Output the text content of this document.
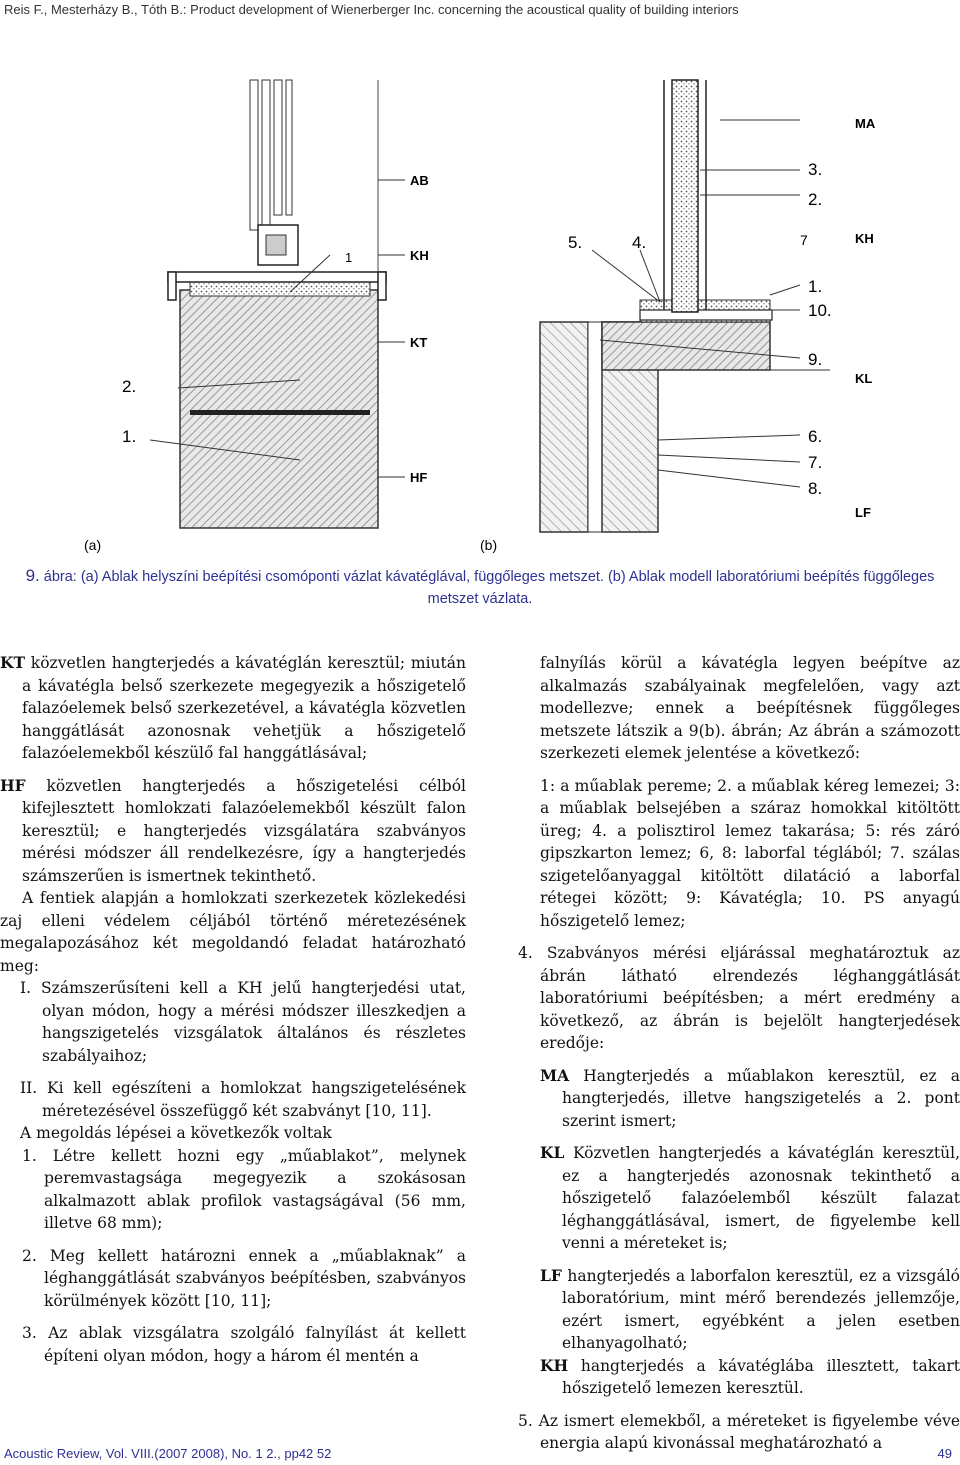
Reis F., Mesterházy B., Tóth B.: Product development of Wienerberger Inc. concerning the acoustical quality of building interiors
AB
KH
KT
HF
2.
1.
1
MA
3.
2.
5.	4.	7	KH
1.
10.
9.
KL
6.
7.
8.
LF
(a)	(b)
9. ábra: (a) Ablak helyszíni beépítési csomóponti vázlat kávatéglával, függőleges metszet. (b) Ablak modell laboratóriumi beépítés függőleges
metszet vázlata.

KT közvetlen hangterjedés a kávatéglán keresztül; miután a kávatégla belső szerkezete megegyezik a hőszigetelő falazóelemek belső szerkezetével, a kávatégla közvetlen hanggátlását azonosnak vehetjük a hőszigetelő falazóelemekből készülő fal hanggátlásával;

HF közvetlen hangterjedés a hőszigetelési célból kifejlesztett homlokzati falazóelemekből készült falon keresztül; e hangterjedés vizsgálatára szabványos mérési módszer áll rendelkezésre, így a hangterjedés számszerűen is ismertnek tekinthető.

A fentiek alapján a homlokzati szerkezetek közlekedési zaj elleni védelem céljából történő méretezésének megalapozásához két megoldandó feladat határozható meg:

I. Számszerűsíteni kell a KH jelű hangterjedési utat, olyan módon, hogy a mérési módszer illeszkedjen a hangszigetelés vizsgálatok általános és részletes szabályaihoz;

II. Ki kell egészíteni a homlokzat hangszigetelésének méretezésével összefüggő két szabványt [10, 11].

A megoldás lépései a következők voltak

1. Létre kellett hozni egy „műablakot”, melynek peremvastagsága megegyezik a szokásosan alkalmazott ablak profilok vastagságával (56 mm, illetve 68 mm);

2. Meg kellett határozni ennek a „műablaknak” a léghanggátlását szabványos beépítésben, szabványos körülmények között [10, 11];

3. Az ablak vizsgálatra szolgáló falnyílást át kellett építeni olyan módon, hogy a három él mentén a

falnyílás körül a kávatégla legyen beépítve az alkalmazás szabályainak megfelelően, vagy azt modellezve; ennek a beépítésnek függőleges metszete látszik a 9(b). ábrán; Az ábrán a számozott szerkezeti elemek jelentése a következő:

1: a műablak pereme; 2. a műablak kéreg lemezei; 3: a műablak belsejében a száraz homokkal kitöltött üreg; 4. a polisztirol lemez takarása; 5: rés záró gipszkarton lemez; 6, 8: laborfal téglából; 7. szálas szigetelőanyaggal kitöltött dilatáció a laborfal rétegei között; 9: Kávatégla; 10. PS anyagú hőszigetelő lemez;

4. Szabványos mérési eljárással meghatároztuk az ábrán látható elrendezés léghanggátlását laboratóriumi beépítésben; a mért eredmény a következő, az ábrán is bejelölt hangterjedések eredője:

MA Hangterjedés a műablakon keresztül, ez a hangterjedés, illetve hangszigetelés a 2. pont szerint ismert;

KL Közvetlen hangterjedés a kávatéglán keresztül, ez a hangterjedés azonosnak tekinthető a hőszigetelő falazóelemből készült falazat léghanggátlásával, ismert, de figyelembe kell venni a méreteket is;

LF hangterjedés a laborfalon keresztül, ez a vizsgáló laboratórium, mint mérő berendezés jellemzője, ezért ismert, egyébként a jelen esetben elhanyagolható;

KH hangterjedés a kávatéglába illesztett, takart hőszigetelő lemezen keresztül.

5. Az ismert elemekből, a méreteket is figyelembe véve energia alapú kivonással meghatározható a

Acoustic Review, Vol. VIII.(2007 2008), No. 1 2., pp42 52	49
